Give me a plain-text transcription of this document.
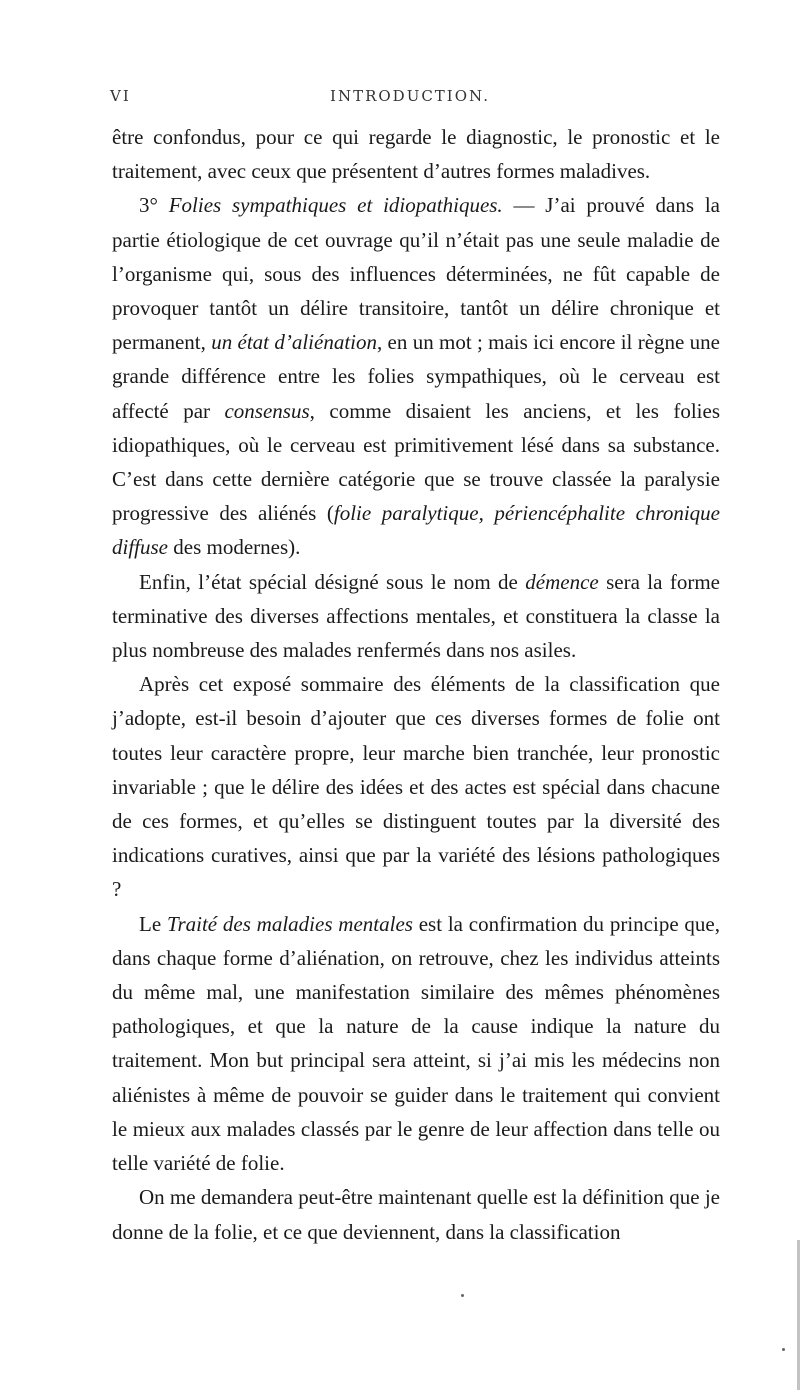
VI	INTRODUCTION.

être confondus, pour ce qui regarde le diagnostic, le pronostic et le traitement, avec ceux que présentent d’autres formes maladives.

3° Folies sympathiques et idiopathiques. — J’ai prouvé dans la partie étiologique de cet ouvrage qu’il n’était pas une seule maladie de l’organisme qui, sous des influences déterminées, ne fût capable de provoquer tantôt un délire transitoire, tantôt un délire chronique et permanent, un état d’aliénation, en un mot ; mais ici encore il règne une grande différence entre les folies sympathiques, où le cerveau est affecté par consensus, comme disaient les anciens, et les folies idiopathiques, où le cerveau est primitivement lésé dans sa substance. C’est dans cette dernière catégorie que se trouve classée la paralysie progressive des aliénés (folie paralytique, périencéphalite chronique diffuse des modernes).

Enfin, l’état spécial désigné sous le nom de démence sera la forme terminative des diverses affections mentales, et constituera la classe la plus nombreuse des malades renfermés dans nos asiles.

Après cet exposé sommaire des éléments de la classification que j’adopte, est-il besoin d’ajouter que ces diverses formes de folie ont toutes leur caractère propre, leur marche bien tranchée, leur pronostic invariable ; que le délire des idées et des actes est spécial dans chacune de ces formes, et qu’elles se distinguent toutes par la diversité des indications curatives, ainsi que par la variété des lésions pathologiques ?

Le Traité des maladies mentales est la confirmation du principe que, dans chaque forme d’aliénation, on retrouve, chez les individus atteints du même mal, une manifestation similaire des mêmes phénomènes pathologiques, et que la nature de la cause indique la nature du traitement. Mon but principal sera atteint, si j’ai mis les médecins non aliénistes à même de pouvoir se guider dans le traitement qui convient le mieux aux malades classés par le genre de leur affection dans telle ou telle variété de folie.

On me demandera peut-être maintenant quelle est la définition que je donne de la folie, et ce que deviennent, dans la classification
